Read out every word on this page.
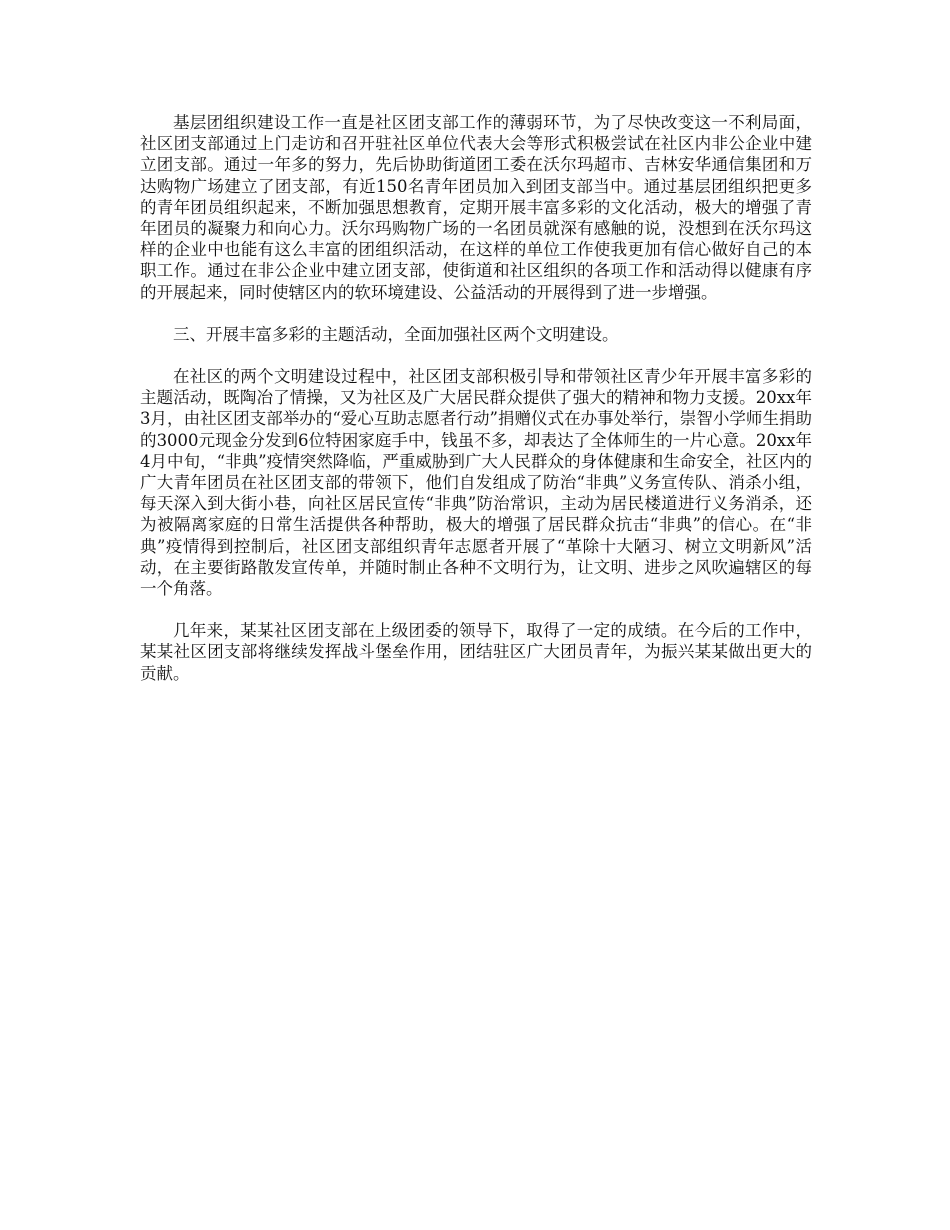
基层团组织建设工作一直是社区团支部工作的薄弱环节，为了尽快改变这一不利局面，社区团支部通过上门走访和召开驻社区单位代表大会等形式积极尝试在社区内非公企业中建立团支部。通过一年多的努力，先后协助街道团工委在沃尔玛超市、吉林安华通信集团和万达购物广场建立了团支部，有近150名青年团员加入到团支部当中。通过基层团组织把更多的青年团员组织起来，不断加强思想教育，定期开展丰富多彩的文化活动，极大的增强了青年团员的凝聚力和向心力。沃尔玛购物广场的一名团员就深有感触的说，没想到在沃尔玛这样的企业中也能有这么丰富的团组织活动，在这样的单位工作使我更加有信心做好自己的本职工作。通过在非公企业中建立团支部，使街道和社区组织的各项工作和活动得以健康有序的开展起来，同时使辖区内的软环境建设、公益活动的开展得到了进一步增强。

三、开展丰富多彩的主题活动，全面加强社区两个文明建设。

在社区的两个文明建设过程中，社区团支部积极引导和带领社区青少年开展丰富多彩的主题活动，既陶冶了情操，又为社区及广大居民群众提供了强大的精神和物力支援。20xx年3月，由社区团支部举办的“爱心互助志愿者行动”捐赠仪式在办事处举行，崇智小学师生捐助的3000元现金分发到6位特困家庭手中，钱虽不多，却表达了全体师生的一片心意。20xx年4月中旬，“非典”疫情突然降临，严重威胁到广大人民群众的身体健康和生命安全，社区内的广大青年团员在社区团支部的带领下，他们自发组成了防治“非典”义务宣传队、消杀小组，每天深入到大街小巷，向社区居民宣传“非典”防治常识，主动为居民楼道进行义务消杀，还为被隔离家庭的日常生活提供各种帮助，极大的增强了居民群众抗击“非典”的信心。在“非典”疫情得到控制后，社区团支部组织青年志愿者开展了“革除十大陋习、树立文明新风”活动，在主要街路散发宣传单，并随时制止各种不文明行为，让文明、进步之风吹遍辖区的每一个角落。

几年来，某某社区团支部在上级团委的领导下，取得了一定的成绩。在今后的工作中，某某社区团支部将继续发挥战斗堡垒作用，团结驻区广大团员青年，为振兴某某做出更大的贡献。
